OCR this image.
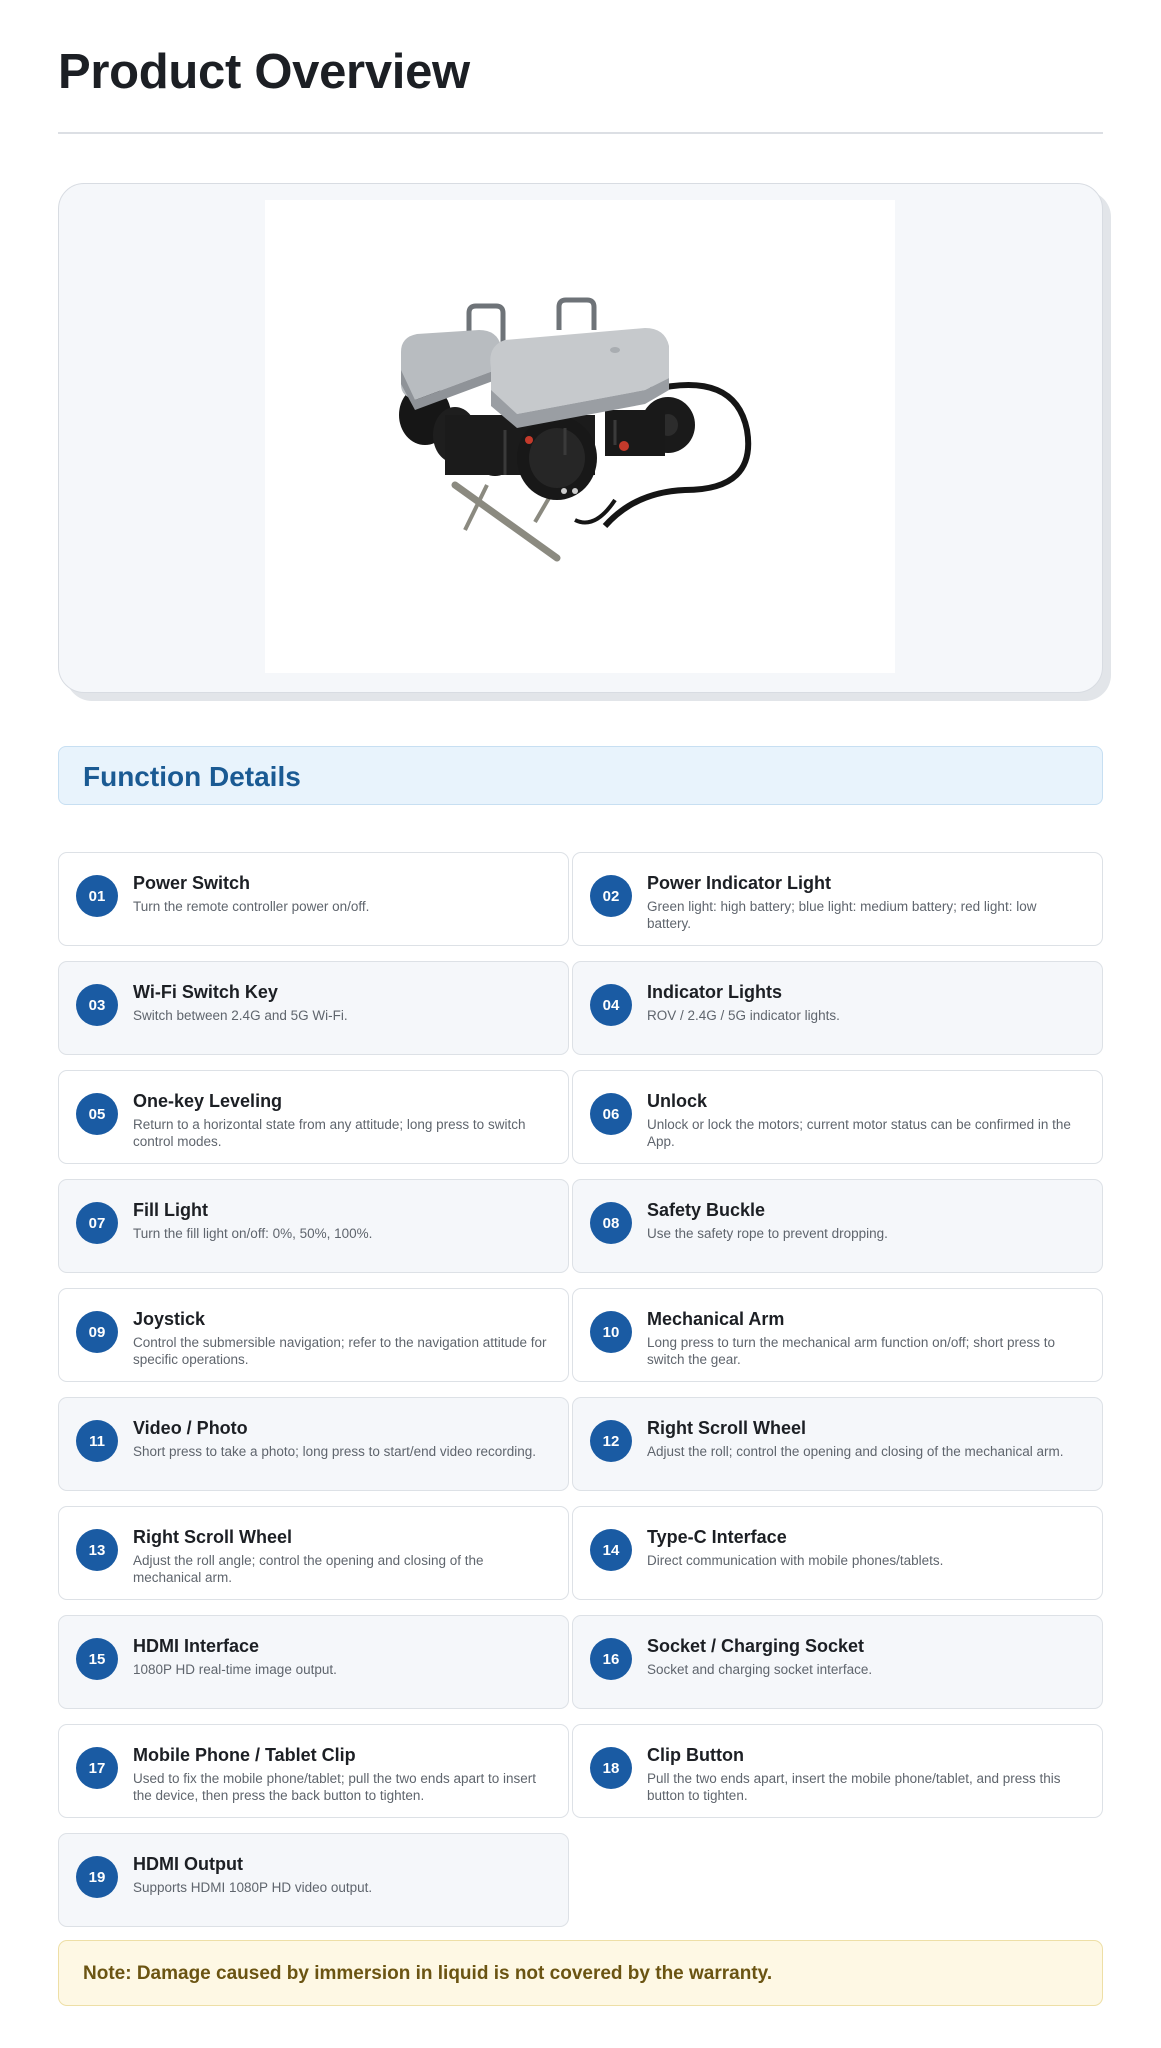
Product Overview
Function Details
01
Power Switch
Turn the remote controller power on/off.
02
Power Indicator Light
Green light: high battery; blue light: medium battery; red light: low battery.
03
Wi-Fi Switch Key
Switch between 2.4G and 5G Wi-Fi.
04
Indicator Lights
ROV / 2.4G / 5G indicator lights.
05
One-key Leveling
Return to a horizontal state from any attitude; long press to switch control modes.
06
Unlock
Unlock or lock the motors; current motor status can be confirmed in the App.
07
Fill Light
Turn the fill light on/off: 0%, 50%, 100%.
08
Safety Buckle
Use the safety rope to prevent dropping.
09
Joystick
Control the submersible navigation; refer to the navigation attitude for specific operations.
10
Mechanical Arm
Long press to turn the mechanical arm function on/off; short press to switch the gear.
11
Video / Photo
Short press to take a photo; long press to start/end video recording.
12
Right Scroll Wheel
Adjust the roll; control the opening and closing of the mechanical arm.
13
Right Scroll Wheel
Adjust the roll angle; control the opening and closing of the mechanical arm.
14
Type-C Interface
Direct communication with mobile phones/tablets.
15
HDMI Interface
1080P HD real-time image output.
16
Socket / Charging Socket
Socket and charging socket interface.
17
Mobile Phone / Tablet Clip
Used to fix the mobile phone/tablet; pull the two ends apart to insert the device, then press the back button to tighten.
18
Clip Button
Pull the two ends apart, insert the mobile phone/tablet, and press this button to tighten.
19
HDMI Output
Supports HDMI 1080P HD video output.
Note: Damage caused by immersion in liquid is not covered by the warranty.
